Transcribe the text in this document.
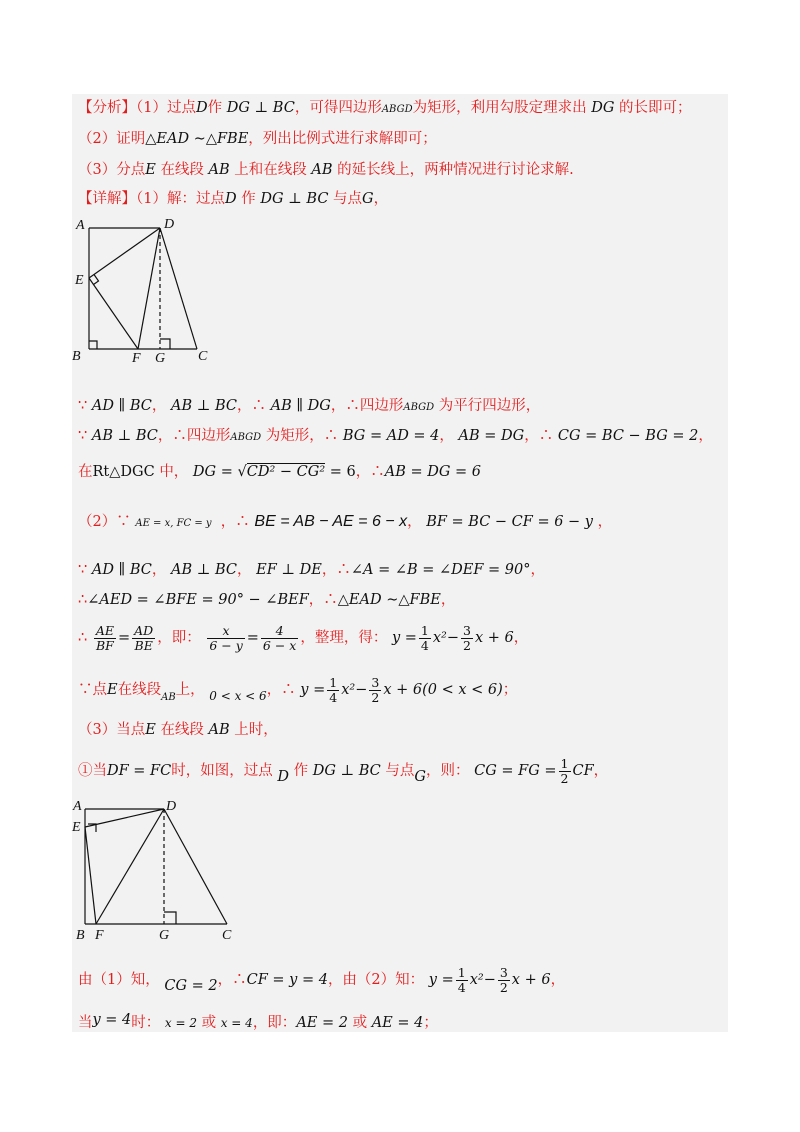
【分析】（1）过点D作 DG ⊥ BC，可得四边形ABGD为矩形，利用勾股定理求出 DG 的长即可；
（2）证明△EAD ∼△FBE，列出比例式进行求解即可；
（3）分点E 在线段 AB 上和在线段 AB 的延长线上，两种情况进行讨论求解.
【详解】（1）解：过点D 作 DG ⊥ BC 与点G，
A	D
E
B	F G C
∵ AD ∥ BC， AB ⊥ BC，∴ AB ∥ DG，∴四边形ABGD 为平行四边形，
∵ AB ⊥ BC，∴四边形ABGD 为矩形，∴ BG = AD = 4， AB = DG，∴ CG = BC − BG = 2，
在Rt△DGC 中， DG = √CD² − CG² = 6，∴AB = DG = 6
（2）∵ AE = x, FC = y ，∴ BE = AB − AE = 6 − x， BF = BC − CF = 6 − y ，
∵ AD ∥ BC， AB ⊥ BC， EF ⊥ DE，∴∠A = ∠B = ∠DEF = 90°，
∴∠AED = ∠BFE = 90° − ∠BEF，∴△EAD ∼△FBE，
∴ $\frac{AE}{BF} = \frac{AD}{BE}$ ，即： $\frac{x}{6 - y} = \frac{4}{6 - x}$ ，整理，得： $y = \frac{1}{4} x^2- \frac{3}{2}$ x + 6，
∵点E在线段$_{AB}$上， $_{0 < x < 6}$，∴ $y = \frac{1}{4} x^2- \frac{3}{2}$ x + 6(0 < x < 6)；
（3）当点E 在线段 AB 上时，
①当DF = FC时，如图，过点 D 作 DG ⊥ BC 与点G，则： CG = FG = $\frac{1}{2}$ CF，
A	D
E
B F	G	C
由（1）知， CG = 2，∴CF = y = 4，由（2）知： $y = \frac{1}{4} x^2- \frac{3}{2}$ x + 6，
当y = 4时： x = 2 或 x = 4，即：AE = 2 或 AE = 4；
